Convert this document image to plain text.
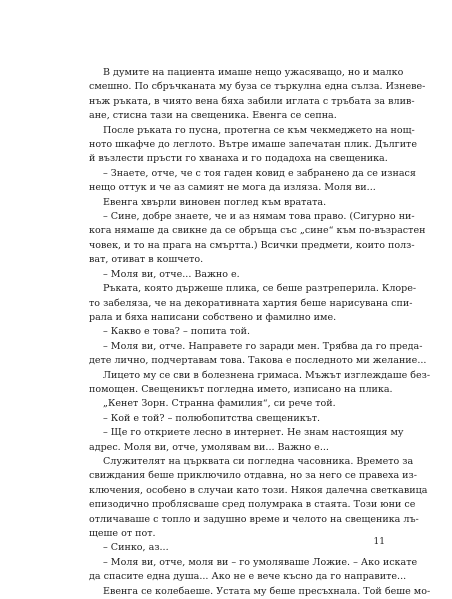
В думите на пациента имаше нещо ужасяващо, но и малко
смешно. По сбръчканата му буза се търкулна една сълза. Изневе-
нъж ръката, в чиято вена бяха забили иглата с тръбата за влив-
ане, стисна тази на свещеника. Евенга се сепна.
После ръката го пусна, протегна се към чекмеджето на нощ-
ното шкафче до леглото. Вътре имаше запечатан плик. Дългите
й възлести пръсти го хванаха и го подадоха на свещеника.
– Знаете, отче, че с тоя гаден ковид е забранено да се изнася
нещо оттук и че аз самият не мога да излязa. Моля ви...
Евенга хвърли виновен поглед към вратата.
– Сине, добре знаете, че и аз нямам това право. (Сигурно ни-
кога нямаше да свикне да се обръща със „сине“ към по-възрастен
човек, и то на прага на смъртта.) Всички предмети, които полз-
ват, отиват в кошчето.
– Моля ви, отче... Важно е.
Ръката, която държеше плика, се беше разтреперила. Клоре-
то забеляза, че на декоративната хартия беше нарисувана спи-
рала и бяха написани собствено и фамилно име.
– Какво е това? – попита той.
– Моля ви, отче. Направете го заради мен. Трябва да го преда-
дете лично, подчертавам това. Такова е последното ми желание...
Лицето му се сви в болезнена гримаса. Мъжът изглеждаше без-
помощен. Свещеникът погледна името, изписано на плика.
„Кенет Зорн. Странна фамилия“, си рече той.
– Кой е той? – полюбопитства свещеникът.
– Ще го откриете лесно в интернет. Не знам настоящия му
адрес. Моля ви, отче, умолявам ви... Важно е...
Служителят на църквата си погледна часовника. Времето за
свиждания беше приключило отдавна, но за него се правеха из-
ключения, особено в случаи като този. Някоя далечна светкавица
епизодично проблясваше сред полумрака в стаята. Този юни се
отличаваше с топло и задушно време и челото на свещеника лъ-
щеше от пот.
– Синко, аз...
– Моля ви, отче, моля ви – го умоляваше Ложие. – Ако искате
да спасите една душа... Ако не е вече късно да го направите...
Евенга се колебаеше. Устата му беше пресъхнала. Той беше мо-
11
